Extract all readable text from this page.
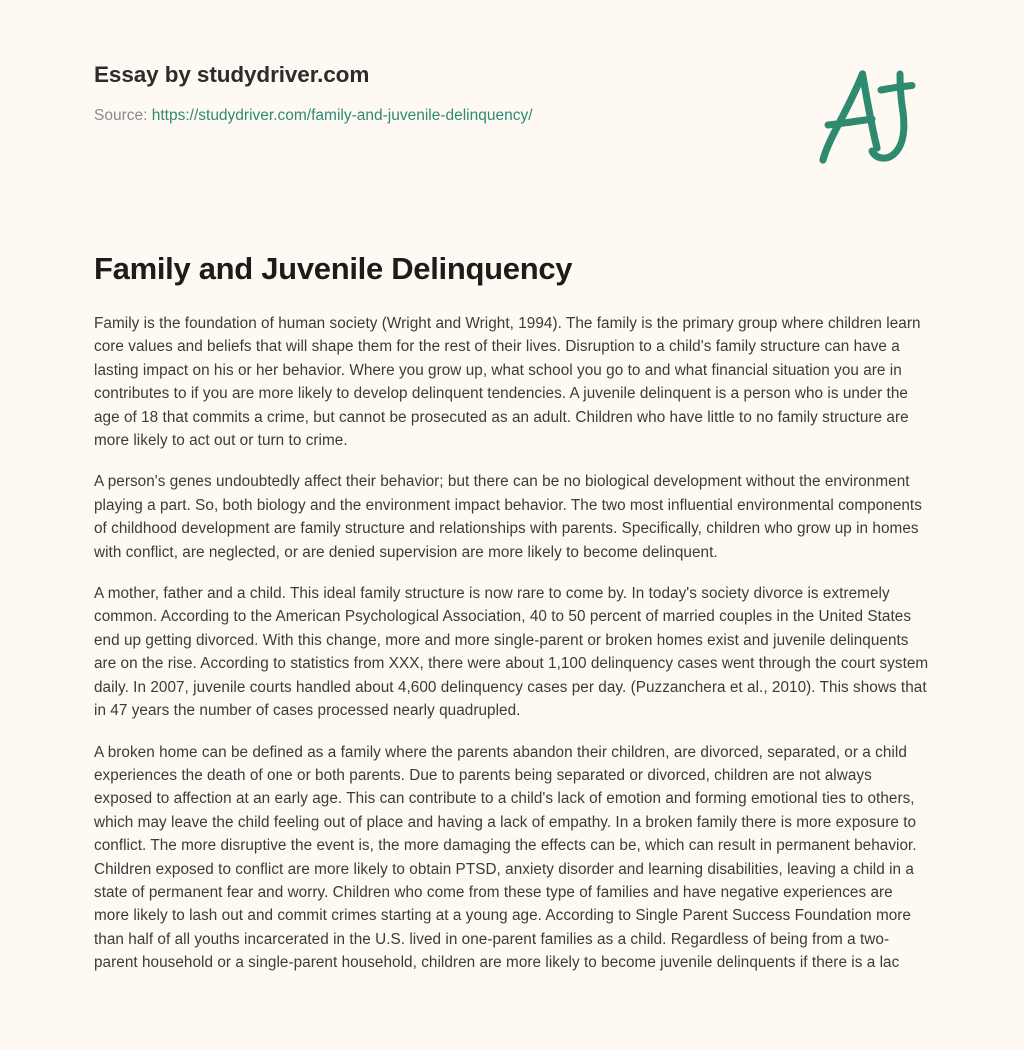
Essay by studydriver.com
Source: https://studydriver.com/family-and-juvenile-delinquency/
Family and Juvenile Delinquency

Family is the foundation of human society (Wright and Wright, 1994). The family is the primary group where children learn core values and beliefs that will shape them for the rest of their lives. Disruption to a child's family structure can have a lasting impact on his or her behavior. Where you grow up, what school you go to and what financial situation you are in contributes to if you are more likely to develop delinquent tendencies. A juvenile delinquent is a person who is under the age of 18 that commits a crime, but cannot be prosecuted as an adult. Children who have little to no family structure are more likely to act out or turn to crime.

A person's genes undoubtedly affect their behavior; but there can be no biological development without the environment playing a part. So, both biology and the environment impact behavior. The two most influential environmental components of childhood development are family structure and relationships with parents. Specifically, children who grow up in homes with conflict, are neglected, or are denied supervision are more likely to become delinquent.

A mother, father and a child. This ideal family structure is now rare to come by. In today's society divorce is extremely common. According to the American Psychological Association, 40 to 50 percent of married couples in the United States end up getting divorced. With this change, more and more single-parent or broken homes exist and juvenile delinquents are on the rise. According to statistics from XXX, there were about 1,100 delinquency cases went through the court system daily. In 2007, juvenile courts handled about 4,600 delinquency cases per day. (Puzzanchera et al., 2010). This shows that in 47 years the number of cases processed nearly quadrupled.

A broken home can be defined as a family where the parents abandon their children, are divorced, separated, or a child experiences the death of one or both parents. Due to parents being separated or divorced, children are not always exposed to affection at an early age. This can contribute to a child's lack of emotion and forming emotional ties to others, which may leave the child feeling out of place and having a lack of empathy. In a broken family there is more exposure to conflict. The more disruptive the event is, the more damaging the effects can be, which can result in permanent behavior. Children exposed to conflict are more likely to obtain PTSD, anxiety disorder and learning disabilities, leaving a child in a state of permanent fear and worry. Children who come from these type of families and have negative experiences are more likely to lash out and commit crimes starting at a young age. According to Single Parent Success Foundation more than half of all youths incarcerated in the U.S. lived in one-parent families as a child. Regardless of being from a two-parent household or a single-parent household, children are more likely to become juvenile delinquents if there is a lac
